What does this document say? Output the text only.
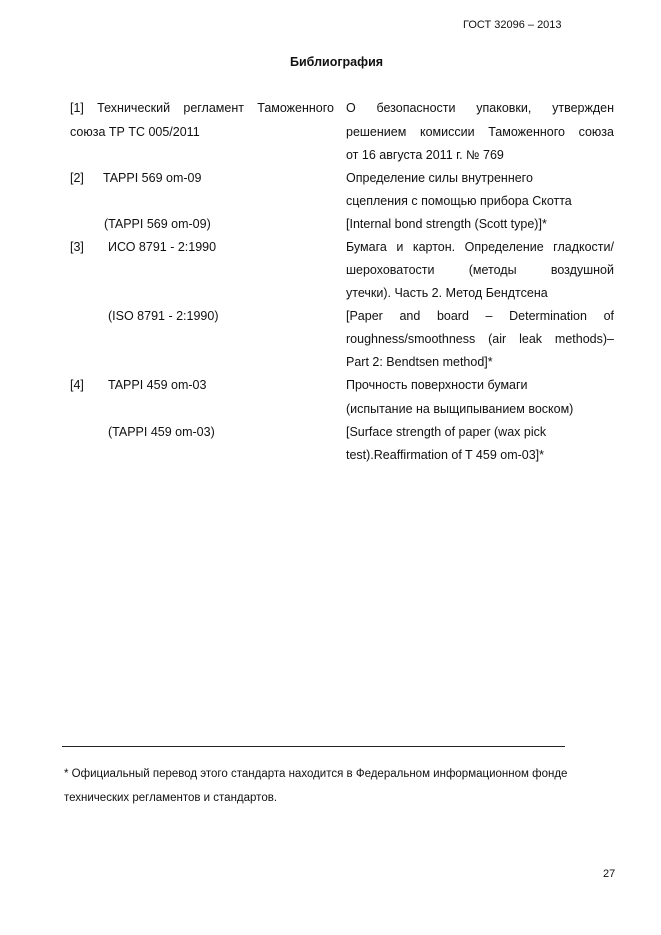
ГОСТ 32096 – 2013
Библиография
[1] Технический регламент Таможенного
союза ТР ТС 005/2011
О безопасности упаковки, утвержден
решением комиссии Таможенного союза
от 16 августа 2011 г. № 769
[2] TAPPI 569 om-09
(TAPPI 569 om-09)
Определение силы внутреннего
сцепления с помощью прибора Скотта
[Internal bond strength (Scott type)]*
[3] ИСО 8791 - 2:1990
(ISO 8791 - 2:1990)
Бумага и картон. Определение гладкости/
шероховатости (методы воздушной
утечки). Часть 2. Метод Бендтсена
[Paper and board – Determination of
roughness/smoothness (air leak methods)–
Part 2: Bendtsen method]*
[4] TAPPI 459 om-03
(TAPPI 459 om-03)
Прочность поверхности бумаги
(испытание на выщипыванием воском)
[Surface strength of paper (wax pick
test).Reaffirmation of T 459 om-03]*
* Официальный перевод этого стандарта находится в Федеральном информационном фонде
технических регламентов и стандартов.
27
